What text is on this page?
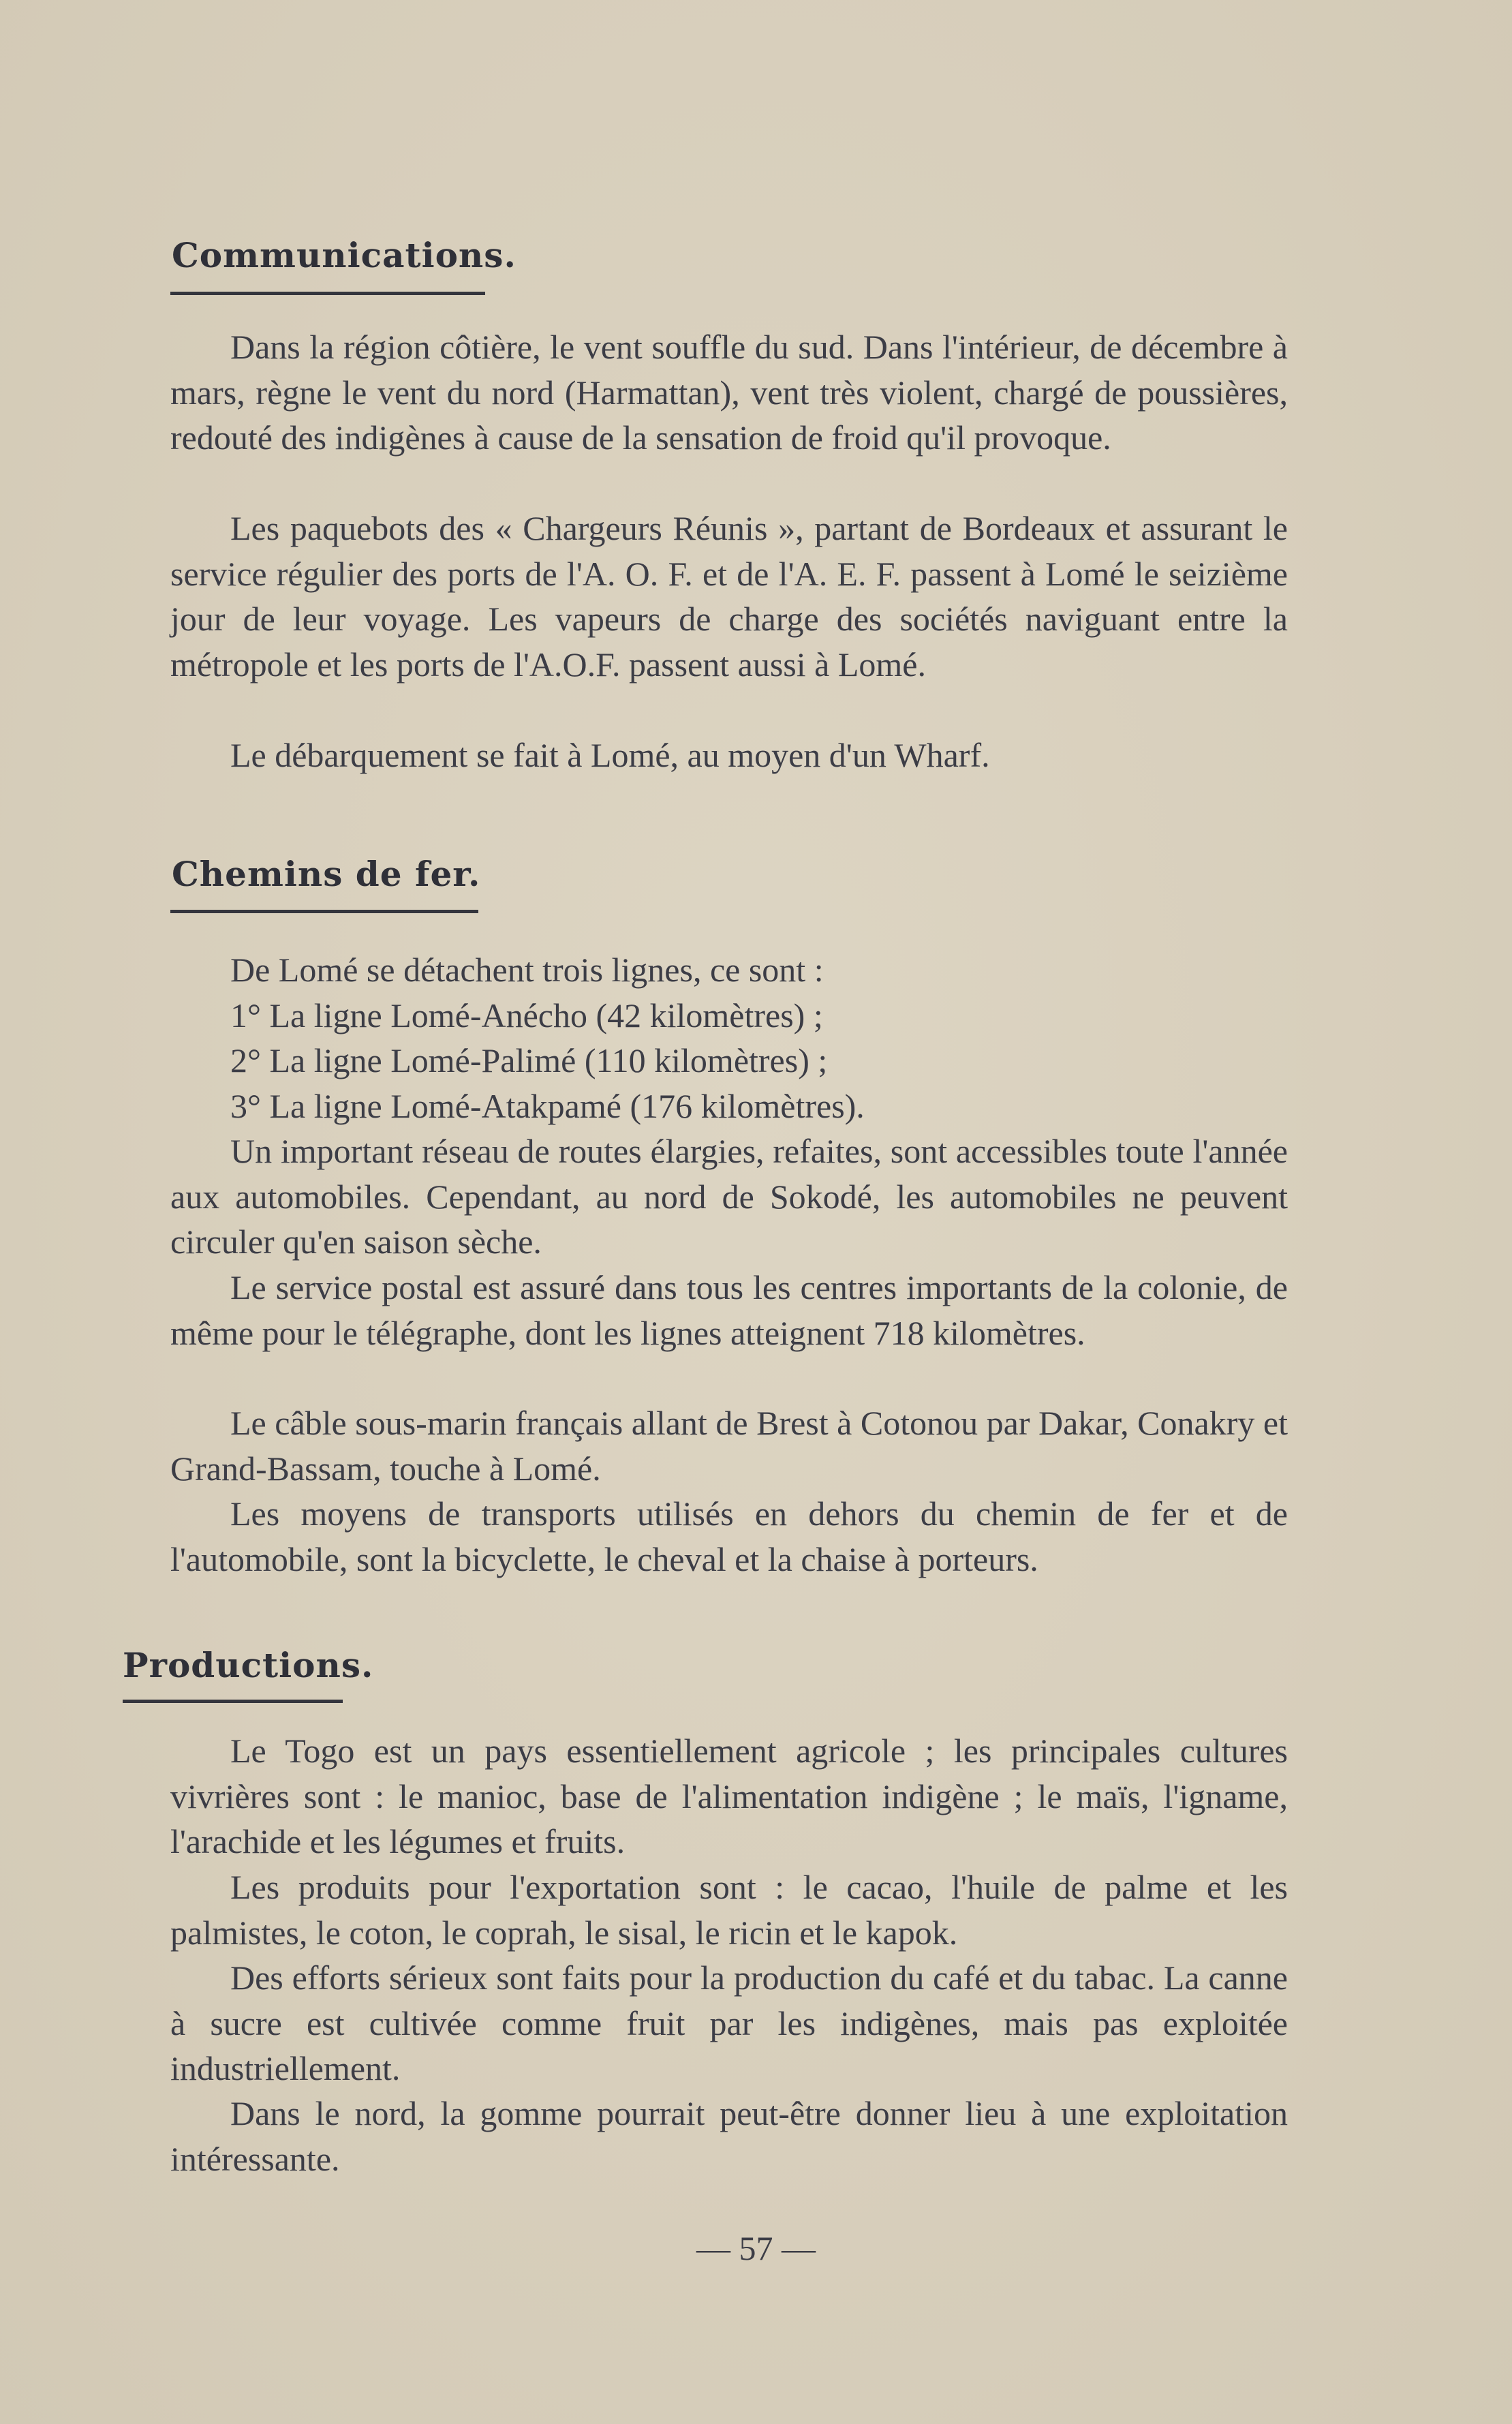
Communications.

Dans la région côtière, le vent souffle du sud. Dans l'intérieur, de décembre à mars, règne le vent du nord (Harmattan), vent très violent, chargé de poussières, redouté des indigènes à cause de la sensation de froid qu'il provoque.

Les paquebots des « Chargeurs Réunis », partant de Bordeaux et assurant le service régulier des ports de l'A. O. F. et de l'A. E. F. passent à Lomé le seizième jour de leur voyage. Les vapeurs de charge des sociétés naviguant entre la métropole et les ports de l'A.O.F. passent aussi à Lomé.

Le débarquement se fait à Lomé, au moyen d'un Wharf.

Chemins de fer.

De Lomé se détachent trois lignes, ce sont :

1° La ligne Lomé-Anécho (42 kilomètres) ;

2° La ligne Lomé-Palimé (110 kilomètres) ;

3° La ligne Lomé-Atakpamé (176 kilomètres).

Un important réseau de routes élargies, refaites, sont accessibles toute l'année aux automobiles. Cependant, au nord de Sokodé, les automobiles ne peuvent circuler qu'en saison sèche.

Le service postal est assuré dans tous les centres importants de la colonie, de même pour le télégraphe, dont les lignes atteignent 718 kilomètres.

Le câble sous-marin français allant de Brest à Cotonou par Dakar, Conakry et Grand-Bassam, touche à Lomé.

Les moyens de transports utilisés en dehors du chemin de fer et de l'automobile, sont la bicyclette, le cheval et la chaise à porteurs.

Productions.

Le Togo est un pays essentiellement agricole ; les principales cultures vivrières sont : le manioc, base de l'alimentation indigène ; le maïs, l'igname, l'arachide et les légumes et fruits.

Les produits pour l'exportation sont : le cacao, l'huile de palme et les palmistes, le coton, le coprah, le sisal, le ricin et le kapok.

Des efforts sérieux sont faits pour la production du café et du tabac. La canne à sucre est cultivée comme fruit par les indigènes, mais pas exploitée industriellement.

Dans le nord, la gomme pourrait peut-être donner lieu à une exploitation intéressante.

— 57 —
